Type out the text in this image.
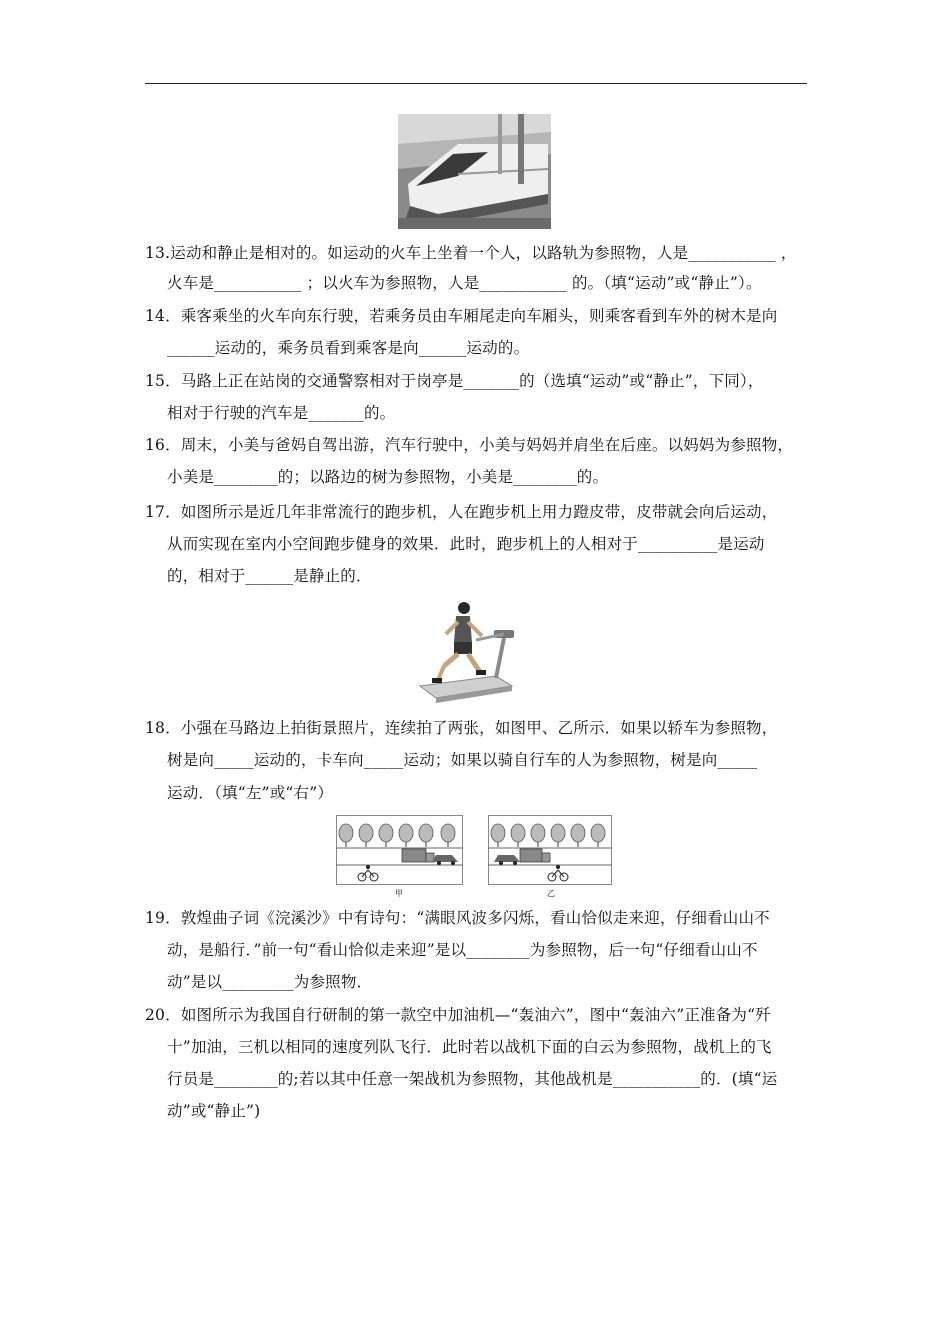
13.运动和静止是相对的。如运动的火车上坐着一个人，以路轨为参照物，人是___________ ，
火车是___________ ；以火车为参照物，人是___________ 的。（填“运动”或“静止”）。
14．乘客乘坐的火车向东行驶，若乘务员由车厢尾走向车厢头，则乘客看到车外的树木是向
______运动的，乘务员看到乘客是向______运动的。
15．马路上正在站岗的交通警察相对于岗亭是_______的（选填“运动”或“静止”，下同），
相对于行驶的汽车是_______的。
16．周末，小美与爸妈自驾出游，汽车行驶中，小美与妈妈并肩坐在后座。以妈妈为参照物，
小美是________的；以路边的树为参照物，小美是________的。
17．如图所示是近几年非常流行的跑步机，人在跑步机上用力蹬皮带，皮带就会向后运动，
从而实现在室内小空间跑步健身的效果．此时，跑步机上的人相对于__________是运动
的，相对于______是静止的．
18．小强在马路边上拍街景照片，连续拍了两张，如图甲、乙所示．如果以轿车为参照物，
树是向_____运动的，卡车向_____运动；如果以骑自行车的人为参照物，树是向_____
运动．（填“左”或“右”）
甲	乙
19．敦煌曲子词《浣溪沙》中有诗句：“满眼风波多闪烁，看山恰似走来迎，仔细看山山不
动，是船行．”前一句“看山恰似走来迎”是以________为参照物，后一句“仔细看山山不
动”是以_________为参照物．
20．如图所示为我国自行研制的第一款空中加油机—“轰油六”，图中“轰油六”正准备为“歼
十”加油，三机以相同的速度列队飞行．此时若以战机下面的白云为参照物，战机上的飞
行员是________的;若以其中任意一架战机为参照物，其他战机是___________的．(填“运
动”或“静止”)
